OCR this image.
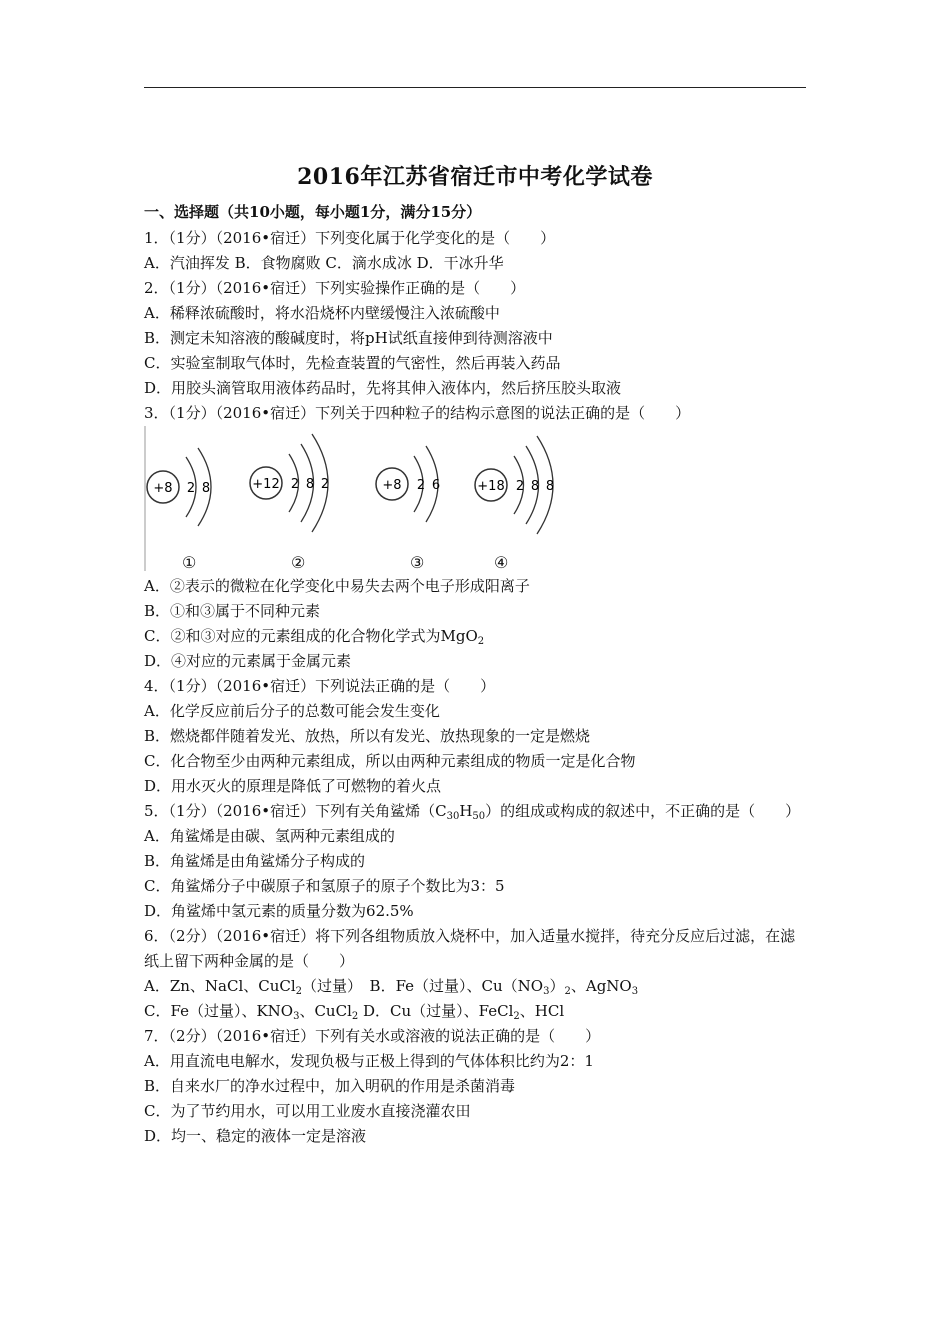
2016年江苏省宿迁市中考化学试卷
一、选择题（共10小题，每小题1分，满分15分）
1．（1分）（2016•宿迁）下列变化属于化学变化的是（　　）
A．汽油挥发 B．食物腐败 C．滴水成冰 D．干冰升华
2．（1分）（2016•宿迁）下列实验操作正确的是（　　）
A．稀释浓硫酸时，将水沿烧杯内壁缓慢注入浓硫酸中
B．测定未知溶液的酸碱度时，将pH试纸直接伸到待测溶液中
C．实验室制取气体时，先检查装置的气密性，然后再装入药品
D．用胶头滴管取用液体药品时，先将其伸入液体内，然后挤压胶头取液
3．（1分）（2016•宿迁）下列关于四种粒子的结构示意图的说法正确的是（　　）
+8 2 8	+12 2 8 2	+8 2 6	+18 2 8 8
①	②	③	④
A．②表示的微粒在化学变化中易失去两个电子形成阳离子
B．①和③属于不同种元素
C．②和③对应的元素组成的化合物化学式为MgO$_2$
D．④对应的元素属于金属元素
4．（1分）（2016•宿迁）下列说法正确的是（　　）
A．化学反应前后分子的总数可能会发生变化
B．燃烧都伴随着发光、放热，所以有发光、放热现象的一定是燃烧
C．化合物至少由两种元素组成，所以由两种元素组成的物质一定是化合物
D．用水灭火的原理是降低了可燃物的着火点
5．（1分）（2016•宿迁）下列有关角鲨烯$(C_{30}H_{50})$的组成或构成的叙述中，不正确的是（　　）
A．角鲨烯是由碳、氢两种元素组成的
B．角鲨烯是由角鲨烯分子构成的
C．角鲨烯分子中碳原子和氢原子的原子个数比为3：5
D．角鲨烯中氢元素的质量分数为62.5%
6．（2分）（2016•宿迁）将下列各组物质放入烧杯中，加入适量水搅拌，待充分反应后过滤，在滤纸上留下两种金属的是（　　）
A．Zn、NaCl、CuCl$_2$（过量）　B．Fe（过量）、$Cu(NO_3)_2$、AgNO$_3$
C．Fe（过量）、$KNO_3$、CuCl$_2$ D．Cu（过量）、FeCl$_2$、HCl
7．（2分）（2016•宿迁）下列有关水或溶液的说法正确的是（　　）
A．用直流电电解水，发现负极与正极上得到的气体体积比约为2：1
B．自来水厂的净水过程中，加入明矾的作用是杀菌消毒
C．为了节约用水，可以用工业废水直接浇灌农田
D．均一、稳定的液体一定是溶液
